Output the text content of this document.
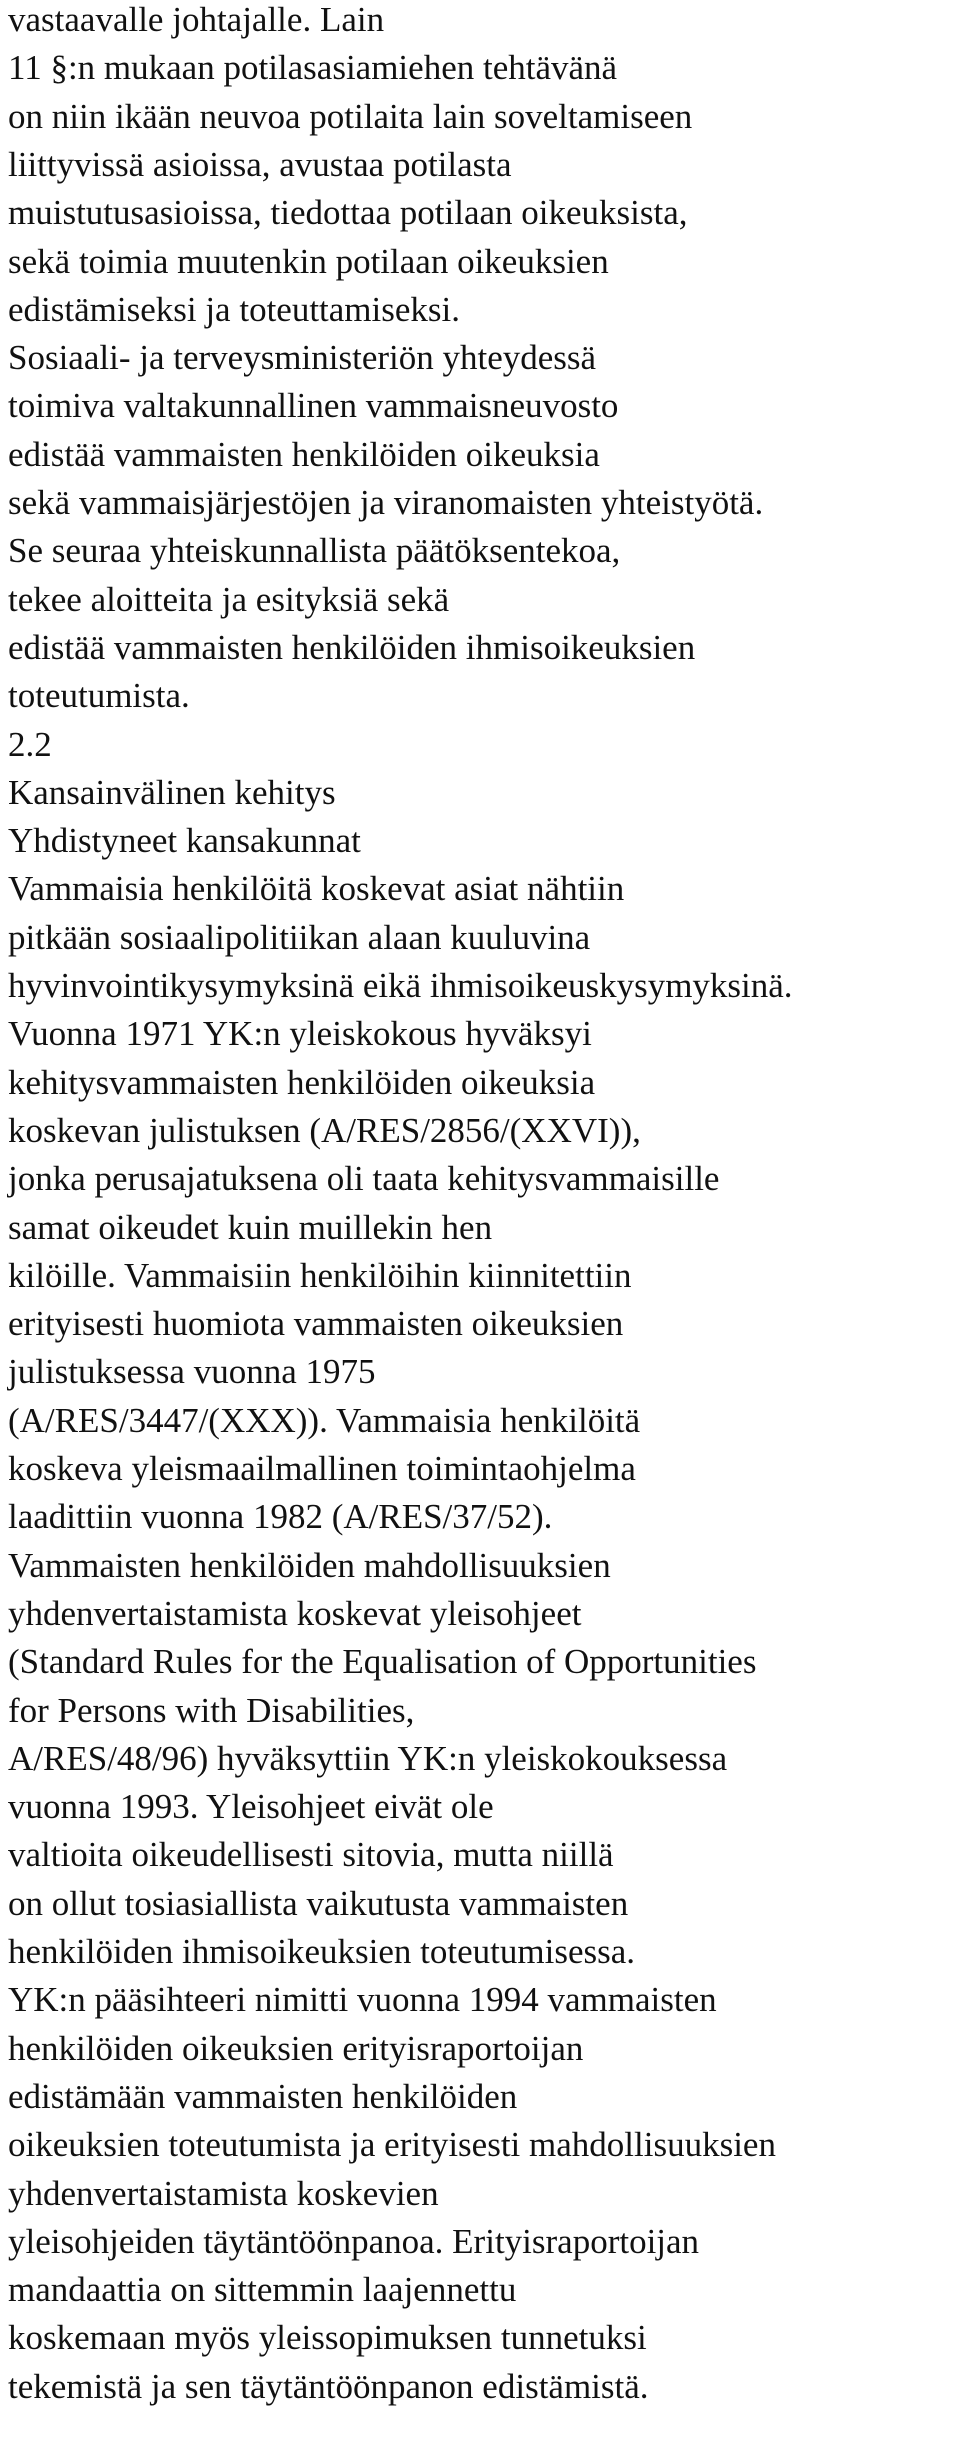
vastaavalle johtajalle. Lain
11 §:n mukaan potilasasiamiehen tehtävänä
on niin ikään neuvoa potilaita lain soveltamiseen
liittyvissä asioissa, avustaa potilasta
muistutusasioissa, tiedottaa potilaan oikeuksista,
sekä toimia muutenkin potilaan oikeuksien
edistämiseksi ja toteuttamiseksi.
Sosiaali- ja terveysministeriön yhteydessä
toimiva valtakunnallinen vammaisneuvosto
edistää vammaisten henkilöiden oikeuksia
sekä vammaisjärjestöjen ja viranomaisten yhteistyötä.
Se seuraa yhteiskunnallista päätöksentekoa,
tekee aloitteita ja esityksiä sekä
edistää vammaisten henkilöiden ihmisoikeuksien
toteutumista.
2.2
Kansainvälinen kehitys
Yhdistyneet kansakunnat
Vammaisia henkilöitä koskevat asiat nähtiin
pitkään sosiaalipolitiikan alaan kuuluvina
hyvinvointikysymyksinä eikä ihmisoikeuskysymyksinä.
Vuonna 1971 YK:n yleiskokous hyväksyi
kehitysvammaisten henkilöiden oikeuksia
koskevan julistuksen (A/RES/2856/(XXVI)),
jonka perusajatuksena oli taata kehitysvammaisille
samat oikeudet kuin muillekin hen
kilöille. Vammaisiin henkilöihin kiinnitettiin
erityisesti huomiota vammaisten oikeuksien
julistuksessa vuonna 1975
(A/RES/3447/(XXX)). Vammaisia henkilöitä
koskeva yleismaailmallinen toimintaohjelma
laadittiin vuonna 1982 (A/RES/37/52).
Vammaisten henkilöiden mahdollisuuksien
yhdenvertaistamista koskevat yleisohjeet
(Standard Rules for the Equalisation of Opportunities
for Persons with Disabilities,
A/RES/48/96) hyväksyttiin YK:n yleiskokouksessa
vuonna 1993. Yleisohjeet eivät ole
valtioita oikeudellisesti sitovia, mutta niillä
on ollut tosiasiallista vaikutusta vammaisten
henkilöiden ihmisoikeuksien toteutumisessa.
YK:n pääsihteeri nimitti vuonna 1994 vammaisten
henkilöiden oikeuksien erityisraportoijan
edistämään vammaisten henkilöiden
oikeuksien toteutumista ja erityisesti mahdollisuuksien
yhdenvertaistamista koskevien
yleisohjeiden täytäntöönpanoa. Erityisraportoijan
mandaattia on sittemmin laajennettu
koskemaan myös yleissopimuksen tunnetuksi
tekemistä ja sen täytäntöönpanon edistämistä.
